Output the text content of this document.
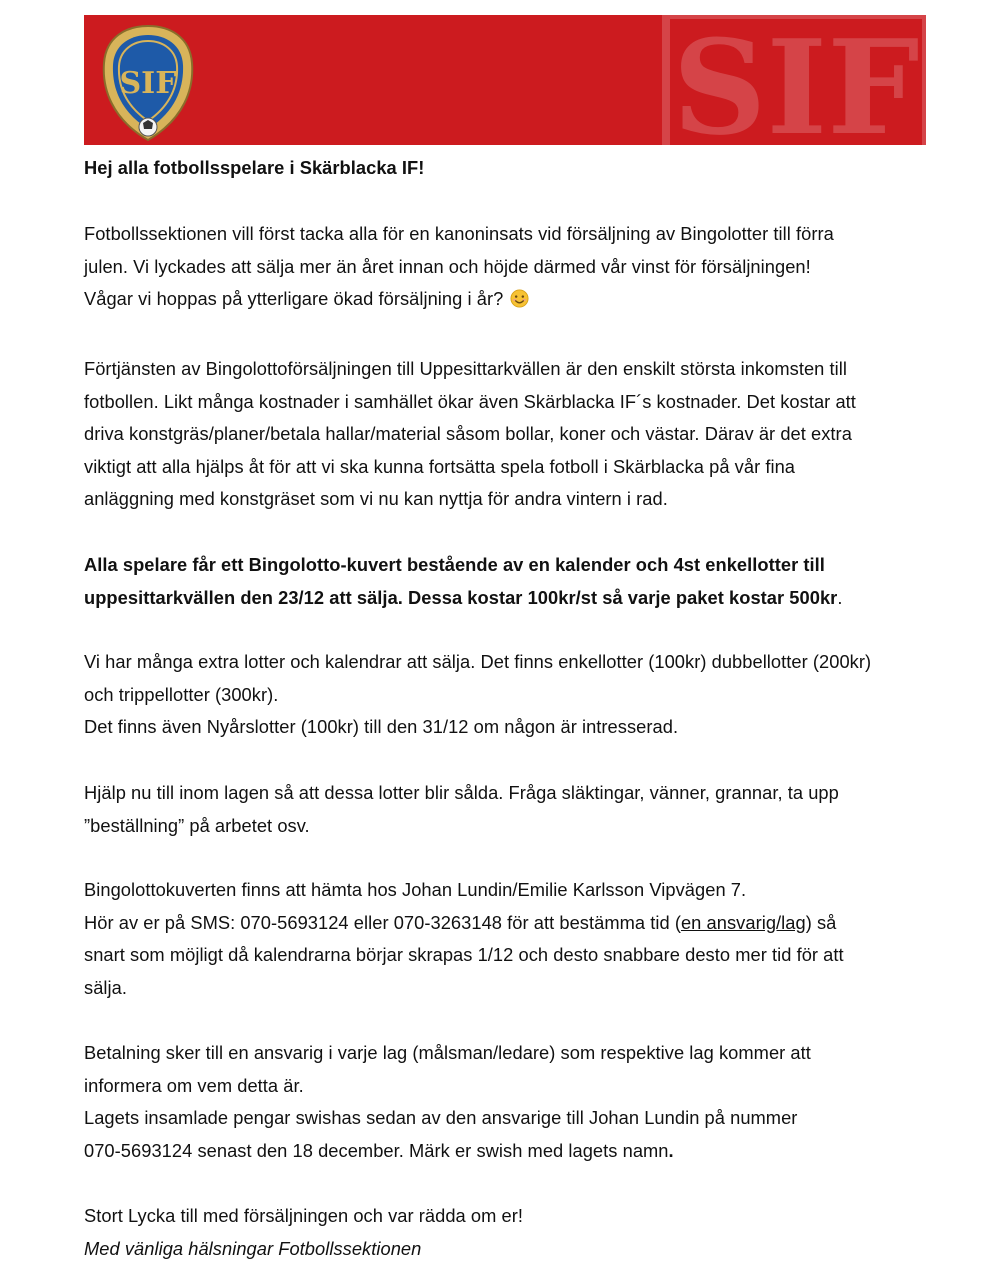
SIF
SIF

Hej alla fotbollsspelare i Skärblacka IF!

Fotbollssektionen vill först tacka alla för en kanoninsats vid försäljning av Bingolotter till förra

julen. Vi lyckades att sälja mer än året innan och höjde därmed vår vinst för försäljningen!

Vågar vi hoppas på ytterligare ökad försäljning i år?

Förtjänsten av Bingolottoförsäljningen till Uppesittarkvällen är den enskilt största inkomsten till

fotbollen. Likt många kostnader i samhället ökar även Skärblacka IF´s kostnader. Det kostar att

driva konstgräs/planer/betala hallar/material såsom bollar, koner och västar. Därav är det extra

viktigt att alla hjälps åt för att vi ska kunna fortsätta spela fotboll i Skärblacka på vår fina

anläggning med konstgräset som vi nu kan nyttja för andra vintern i rad.

Alla spelare får ett Bingolotto-kuvert bestående av en kalender och 4st enkellotter till

uppesittarkvällen den 23/12 att sälja. Dessa kostar 100kr/st så varje paket kostar 500kr.

Vi har många extra lotter och kalendrar att sälja. Det finns enkellotter (100kr) dubbellotter (200kr)

och trippellotter (300kr).

Det finns även Nyårslotter (100kr) till den 31/12 om någon är intresserad.

Hjälp nu till inom lagen så att dessa lotter blir sålda. Fråga släktingar, vänner, grannar, ta upp

”beställning” på arbetet osv.

Bingolottokuverten finns att hämta hos Johan Lundin/Emilie Karlsson Vipvägen 7.

Hör av er på SMS: 070-5693124 eller 070-3263148 för att bestämma tid (en ansvarig/lag) så

snart som möjligt då kalendrarna börjar skrapas 1/12 och desto snabbare desto mer tid för att

sälja.

Betalning sker till en ansvarig i varje lag (målsman/ledare) som respektive lag kommer att

informera om vem detta är.

Lagets insamlade pengar swishas sedan av den ansvarige till Johan Lundin på nummer

070-5693124 senast den 18 december. Märk er swish med lagets namn.

Stort Lycka till med försäljningen och var rädda om er!

Med vänliga hälsningar Fotbollssektionen
